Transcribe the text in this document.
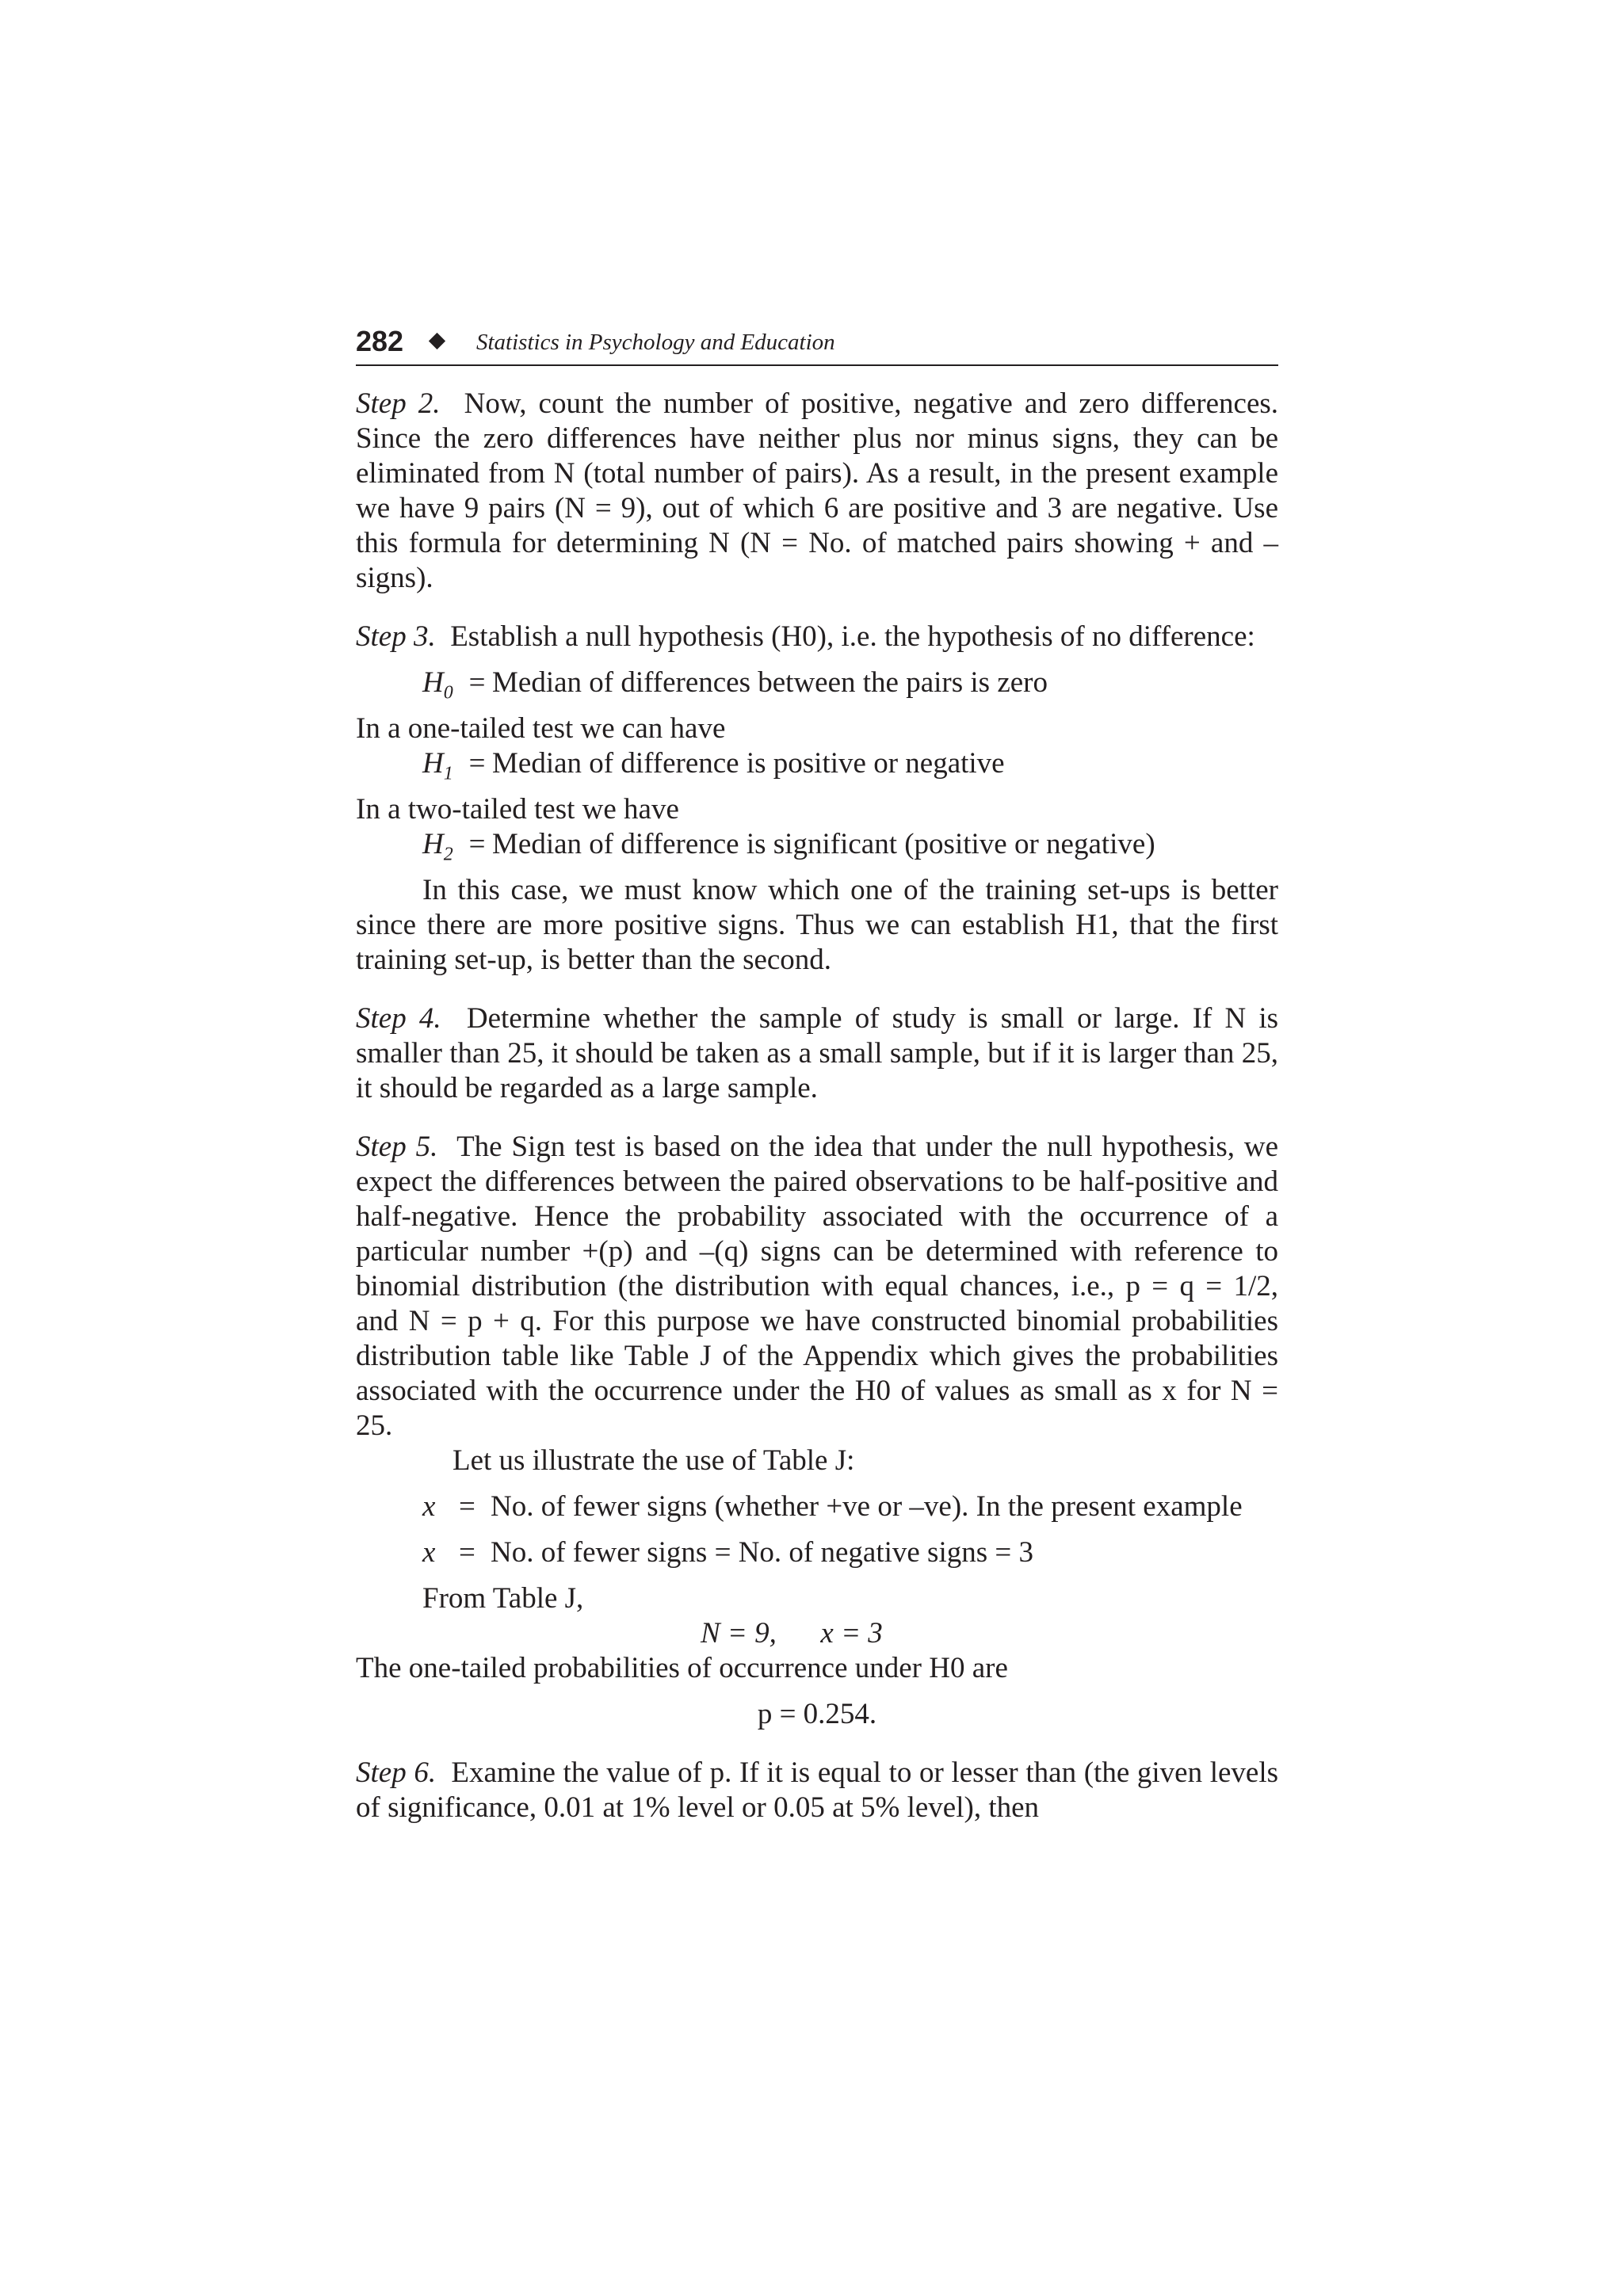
282	Statistics in Psychology and Education

Step 2. Now, count the number of positive, negative and zero differences. Since the zero differences have neither plus nor minus signs, they can be eliminated from N (total number of pairs). As a result, in the present example we have 9 pairs (N = 9), out of which 6 are positive and 3 are negative. Use this formula for determining N (N = No. of matched pairs showing + and – signs).

Step 3. Establish a null hypothesis (H0), i.e. the hypothesis of no difference:

$H_0$ = Median of differences between the pairs is zero

In a one-tailed test we can have

$H_1$ = Median of difference is positive or negative

In a two-tailed test we have

$H_2$ = Median of difference is significant (positive or negative)

In this case, we must know which one of the training set-ups is better since there are more positive signs. Thus we can establish H1, that the first training set-up, is better than the second.

Step 4. Determine whether the sample of study is small or large. If N is smaller than 25, it should be taken as a small sample, but if it is larger than 25, it should be regarded as a large sample.

Step 5. The Sign test is based on the idea that under the null hypothesis, we expect the differences between the paired observations to be half-positive and half-negative. Hence the probability associated with the occurrence of a particular number +(p) and –(q) signs can be determined with reference to binomial distribution (the distribution with equal chances, i.e., p = q = 1/2, and N = p + q. For this purpose we have constructed binomial probabilities distribution table like Table J of the Appendix which gives the probabilities associated with the occurrence under the H0 of values as small as x for N = 25.

Let us illustrate the use of Table J:

x = No. of fewer signs (whether +ve or –ve). In the present example
x = No. of fewer signs = No. of negative signs = 3

From Table J,

N = 9,      x = 3

The one-tailed probabilities of occurrence under H0 are

p = 0.254.

Step 6. Examine the value of p. If it is equal to or lesser than (the given levels of significance, 0.01 at 1% level or 0.05 at 5% level), then
